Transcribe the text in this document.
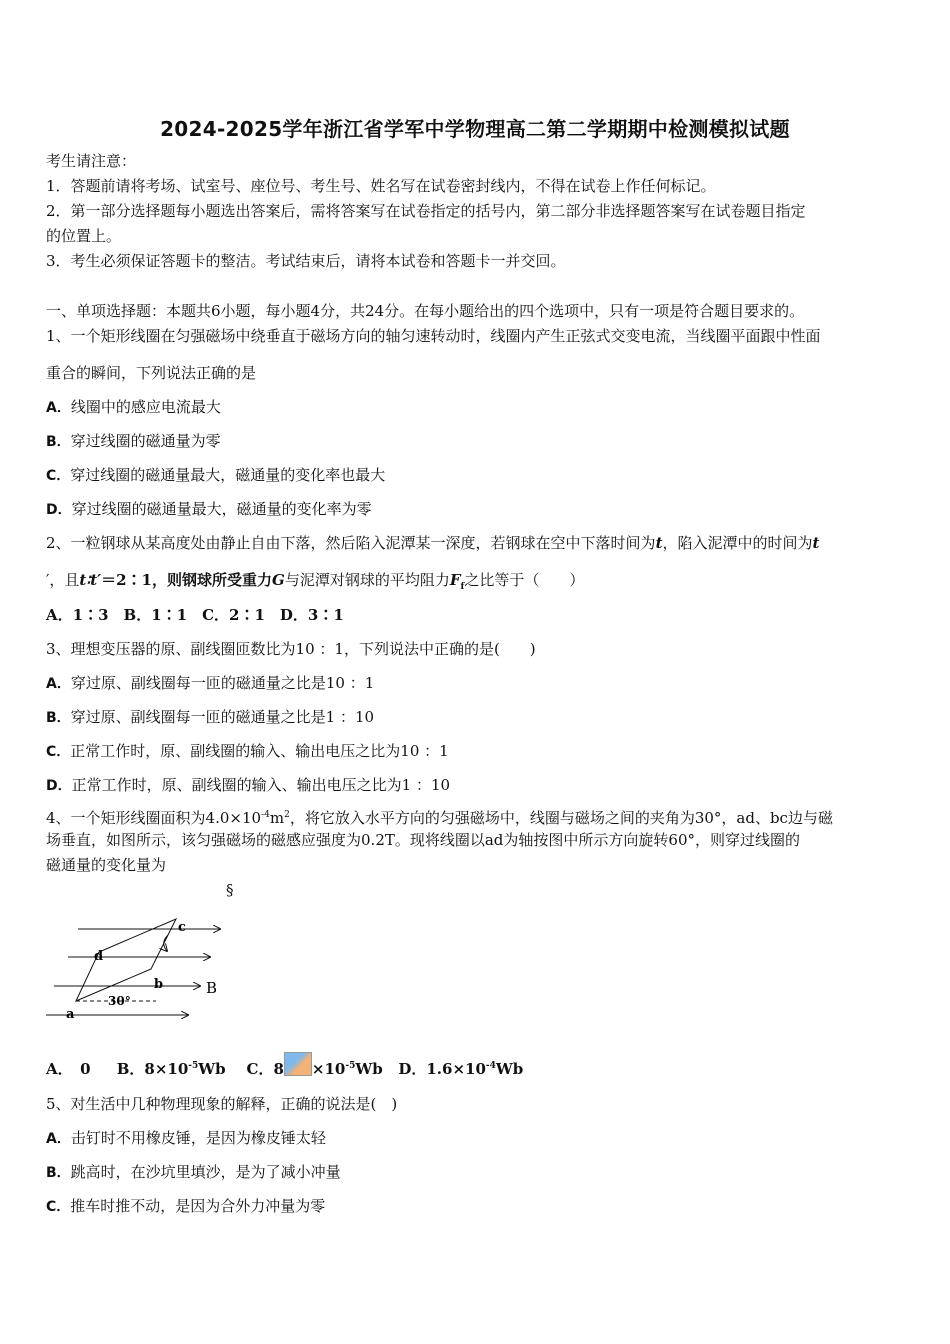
2024-2025学年浙江省学军中学物理高二第二学期期中检测模拟试题
考生请注意：
1．答题前请将考场、试室号、座位号、考生号、姓名写在试卷密封线内，不得在试卷上作任何标记。
2．第一部分选择题每小题选出答案后，需将答案写在试卷指定的括号内，第二部分非选择题答案写在试卷题目指定
的位置上。
3．考生必须保证答题卡的整洁。考试结束后，请将本试卷和答题卡一并交回。
一、单项选择题：本题共6小题，每小题4分，共24分。在每小题给出的四个选项中，只有一项是符合题目要求的。
1、一个矩形线圈在匀强磁场中绕垂直于磁场方向的轴匀速转动时，线圈内产生正弦式交变电流，当线圈平面跟中性面
重合的瞬间，下列说法正确的是
A．线圈中的感应电流最大
B．穿过线圈的磁通量为零
C．穿过线圈的磁通量最大，磁通量的变化率也最大
D．穿过线圈的磁通量最大，磁通量的变化率为零
2、一粒钢球从某高度处由静止自由下落，然后陷入泥潭某一深度，若钢球在空中下落时间为t，陷入泥潭中的时间为t
′，且t∶t′＝2∶1，则钢球所受重力G与泥潭对钢球的平均阻力$F_f$之比等于（　　）
A．1∶3　B．1∶1　C．2∶1　D．3∶1
3、理想变压器的原、副线圈匝数比为10 ：1，下列说法中正确的是(　　)
A．穿过原、副线圈每一匝的磁通量之比是10 ：1
B．穿过原、副线圈每一匝的磁通量之比是1 ：10
C．正常工作时，原、副线圈的输入、输出电压之比为10 ：1
D．正常工作时，原、副线圈的输入、输出电压之比为1 ：10
4、一个矩形线圈面积为$4.0\times 10^{-4}m^2$，将它放入水平方向的匀强磁场中，线圈与磁场之间的夹角为30°，ad、bc边与磁
场垂直，如图所示，该匀强磁场的磁感应强度为0.2T。现将线圈以ad为轴按图中所示方向旋转60°，则穿过线圈的
磁通量的变化量为
§
c
d
b
a
B
30°
A．　0 B．$8\times 10^{-5}Wb$ C．$8 \times 10^{-5}Wb$ D．$1.6\times 10^{-4}Wb$
5、对生活中几种物理现象的解释，正确的说法是(　)
A．击钉时不用橡皮锤，是因为橡皮锤太轻
B．跳高时，在沙坑里填沙，是为了减小冲量
C．推车时推不动，是因为合外力冲量为零
